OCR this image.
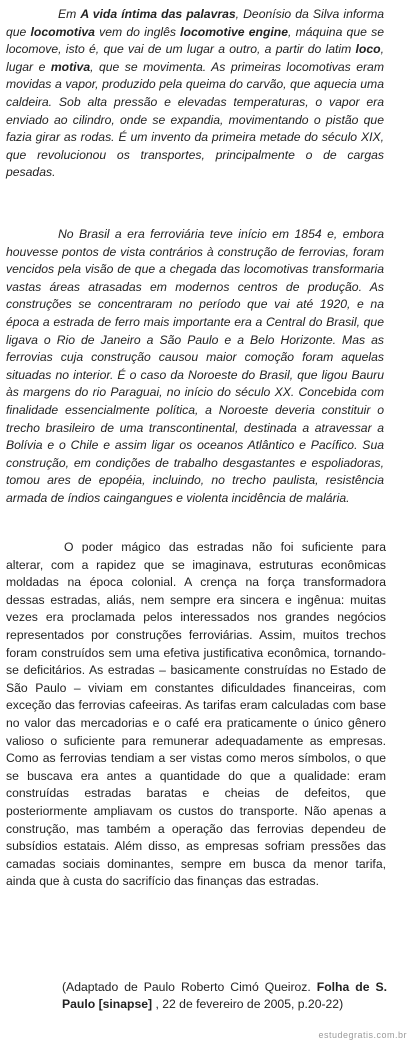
Em A vida íntima das palavras, Deonísio da Silva informa que locomotiva vem do inglês locomotive engine, máquina que se locomove, isto é, que vai de um lugar a outro, a partir do latim loco, lugar e motiva, que se movimenta. As primeiras locomotivas eram movidas a vapor, produzido pela queima do carvão, que aquecia uma caldeira. Sob alta pressão e elevadas temperaturas, o vapor era enviado ao cilindro, onde se expandia, movimentando o pistão que fazia girar as rodas. É um invento da primeira metade do século XIX, que revolucionou os transportes, principalmente o de cargas pesadas.

No Brasil a era ferroviária teve início em 1854 e, embora houvesse pontos de vista contrários à construção de ferrovias, foram vencidos pela visão de que a chegada das locomotivas transformaria vastas áreas atrasadas em modernos centros de produção. As construções se concentraram no período que vai até 1920, e na época a estrada de ferro mais importante era a Central do Brasil, que ligava o Rio de Janeiro a São Paulo e a Belo Horizonte. Mas as ferrovias cuja construção causou maior comoção foram aquelas situadas no interior. É o caso da Noroeste do Brasil, que ligou Bauru às margens do rio Paraguai, no início do século XX. Concebida com finalidade essencialmente política, a Noroeste deveria constituir o trecho brasileiro de uma transcontinental, destinada a atravessar a Bolívia e o Chile e assim ligar os oceanos Atlântico e Pacífico. Sua construção, em condições de trabalho desgastantes e espoliadoras, tomou ares de epopéia, incluindo, no trecho paulista, resistência armada de índios caingangues e violenta incidência de malária.

O poder mágico das estradas não foi suficiente para alterar, com a rapidez que se imaginava, estruturas econômicas moldadas na época colonial. A crença na força transformadora dessas estradas, aliás, nem sempre era sincera e ingênua: muitas vezes era proclamada pelos interessados nos grandes negócios representados por construções ferroviárias. Assim, muitos trechos foram construídos sem uma efetiva justificativa econômica, tornando-se deficitários. As estradas – basicamente construídas no Estado de São Paulo – viviam em constantes dificuldades financeiras, com exceção das ferrovias cafeeiras. As tarifas eram calculadas com base no valor das mercadorias e o café era praticamente o único gênero valioso o suficiente para remunerar adequadamente as empresas. Como as ferrovias tendiam a ser vistas como meros símbolos, o que se buscava era antes a quantidade do que a qualidade: eram construídas estradas baratas e cheias de defeitos, que posteriormente ampliavam os custos do transporte. Não apenas a construção, mas também a operação das ferrovias dependeu de subsídios estatais. Além disso, as empresas sofriam pressões das camadas sociais dominantes, sempre em busca da menor tarifa, ainda que à custa do sacrifício das finanças das estradas.

(Adaptado de Paulo Roberto Cimó Queiroz. Folha de S. Paulo [sinapse] , 22 de fevereiro de 2005, p.20-22)

estudegratis.com.br
